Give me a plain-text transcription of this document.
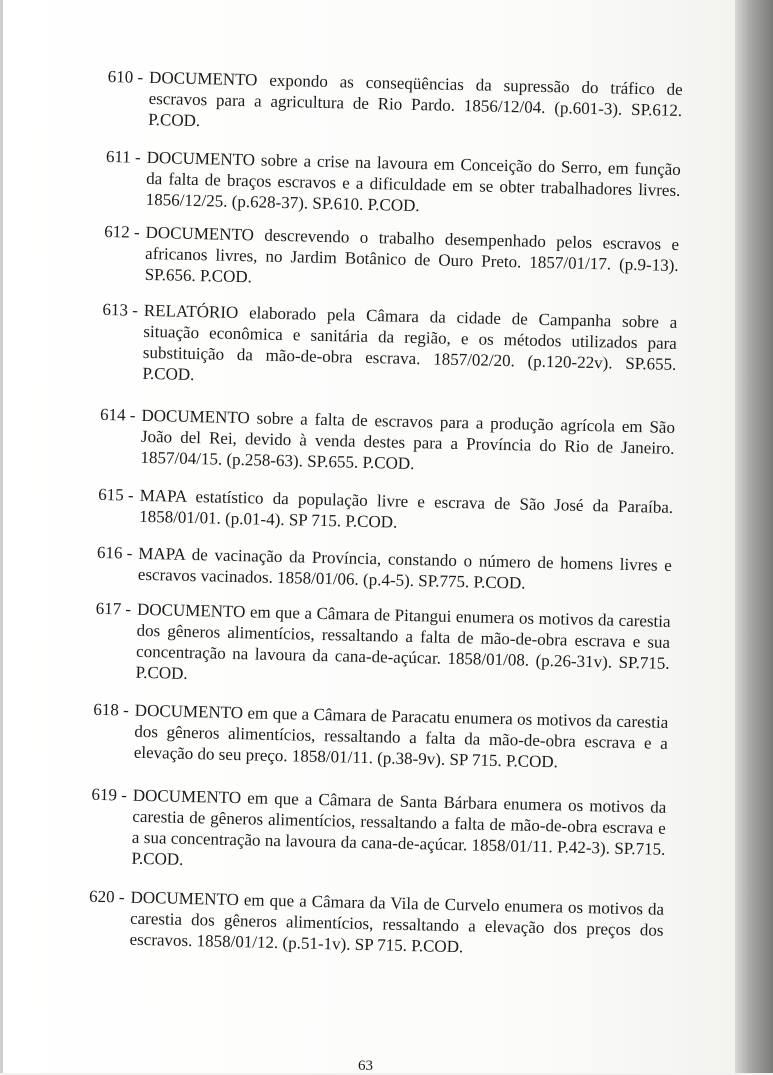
610 - DOCUMENTO expondo as conseqüências da supressão do tráfico de escravos para a agricultura de Rio Pardo. 1856/12/04. (p.601-3). SP.612. P.COD.
611 - DOCUMENTO sobre a crise na lavoura em Conceição do Serro, em função da falta de braços escravos e a dificuldade em se obter trabalhadores livres. 1856/12/25. (p.628-37). SP.610. P.COD.
612 - DOCUMENTO descrevendo o trabalho desempenhado pelos escravos e africanos livres, no Jardim Botânico de Ouro Preto. 1857/01/17. (p.9-13). SP.656. P.COD.
613 - RELATÓRIO elaborado pela Câmara da cidade de Campanha sobre a situação econômica e sanitária da região, e os métodos utilizados para substituição da mão-de-obra escrava. 1857/02/20. (p.120-22v). SP.655. P.COD.
614 - DOCUMENTO sobre a falta de escravos para a produção agrícola em São João del Rei, devido à venda destes para a Província do Rio de Janeiro. 1857/04/15. (p.258-63). SP.655. P.COD.
615 - MAPA estatístico da população livre e escrava de São José da Paraíba. 1858/01/01. (p.01-4). SP 715. P.COD.
616 - MAPA de vacinação da Província, constando o número de homens livres e escravos vacinados. 1858/01/06. (p.4-5). SP.775. P.COD.
617 - DOCUMENTO em que a Câmara de Pitangui enumera os motivos da carestia dos gêneros alimentícios, ressaltando a falta de mão-de-obra escrava e sua concentração na lavoura da cana-de-açúcar. 1858/01/08. (p.26-31v). SP.715. P.COD.
618 - DOCUMENTO em que a Câmara de Paracatu enumera os motivos da carestia dos gêneros alimentícios, ressaltando a falta da mão-de-obra escrava e a elevação do seu preço. 1858/01/11. (p.38-9v). SP 715. P.COD.
619 - DOCUMENTO em que a Câmara de Santa Bárbara enumera os motivos da carestia de gêneros alimentícios, ressaltando a falta de mão-de-obra escrava e a sua concentração na lavoura da cana-de-açúcar. 1858/01/11. P.42-3). SP.715. P.COD.
620 - DOCUMENTO em que a Câmara da Vila de Curvelo enumera os motivos da carestia dos gêneros alimentícios, ressaltando a elevação dos preços dos escravos. 1858/01/12. (p.51-1v). SP 715. P.COD.
63
